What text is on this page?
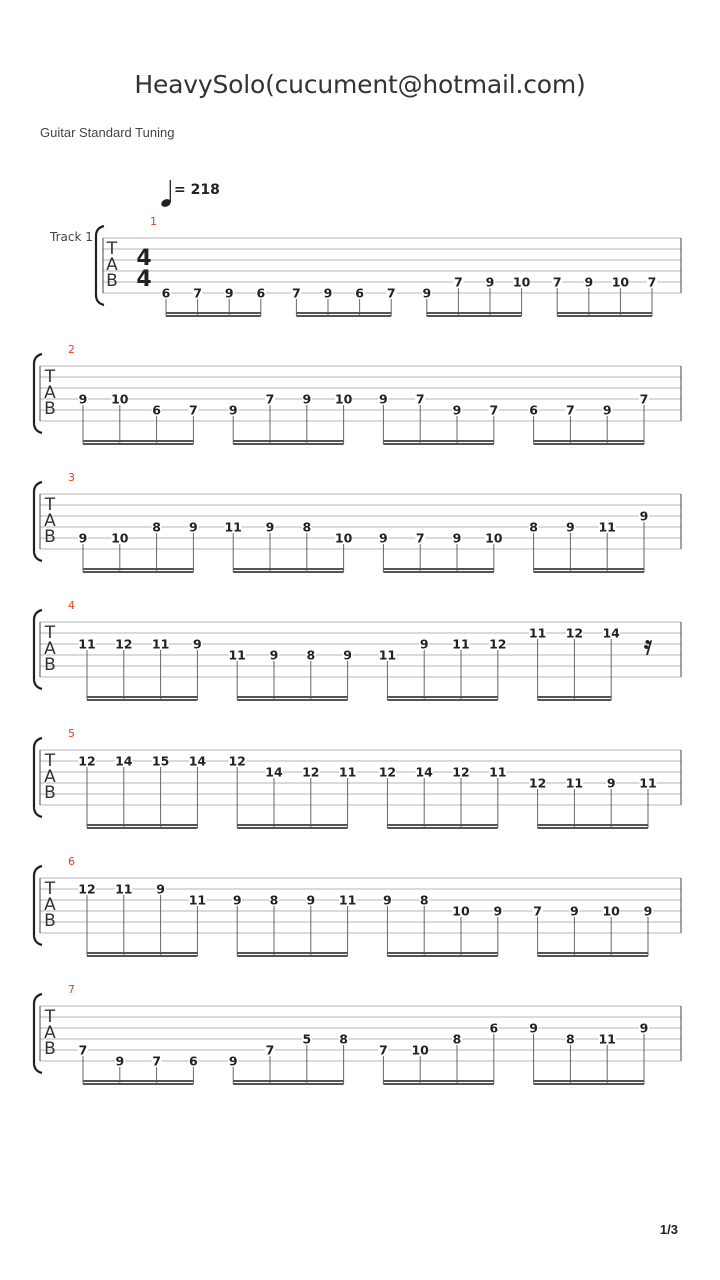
HeavySolo(cucument@hotmail.com)
Guitar Standard Tuning
= 218
Track 1
T
A
B
4
4
1
6 7 9 6 7 9 6 7 9
7 9 10 7 9 10 7
T
A
B
2
9 10
6 7 9
7 9 10 9 7
9 7 6 7 9
7
T
A
B
3
9 10
8 9 11 9 8
10 9 7 9 10
8 9 11
9
T
A
B
4
11 12 11 9
11 9 8 9 11
9 11 12
11 12 14 𝄿
T
A
B
5
12 14 15 14 12
14 12 11 12 14 12 11
12 11 9 11
T
A
B
6
12 11 9
11 9 8 9 11 9 8
10 9 7 9 10 9
T
A
B
7
7
9 7 6 9
7
5 8
7 10
8
6 9
8 11
9
1/3
